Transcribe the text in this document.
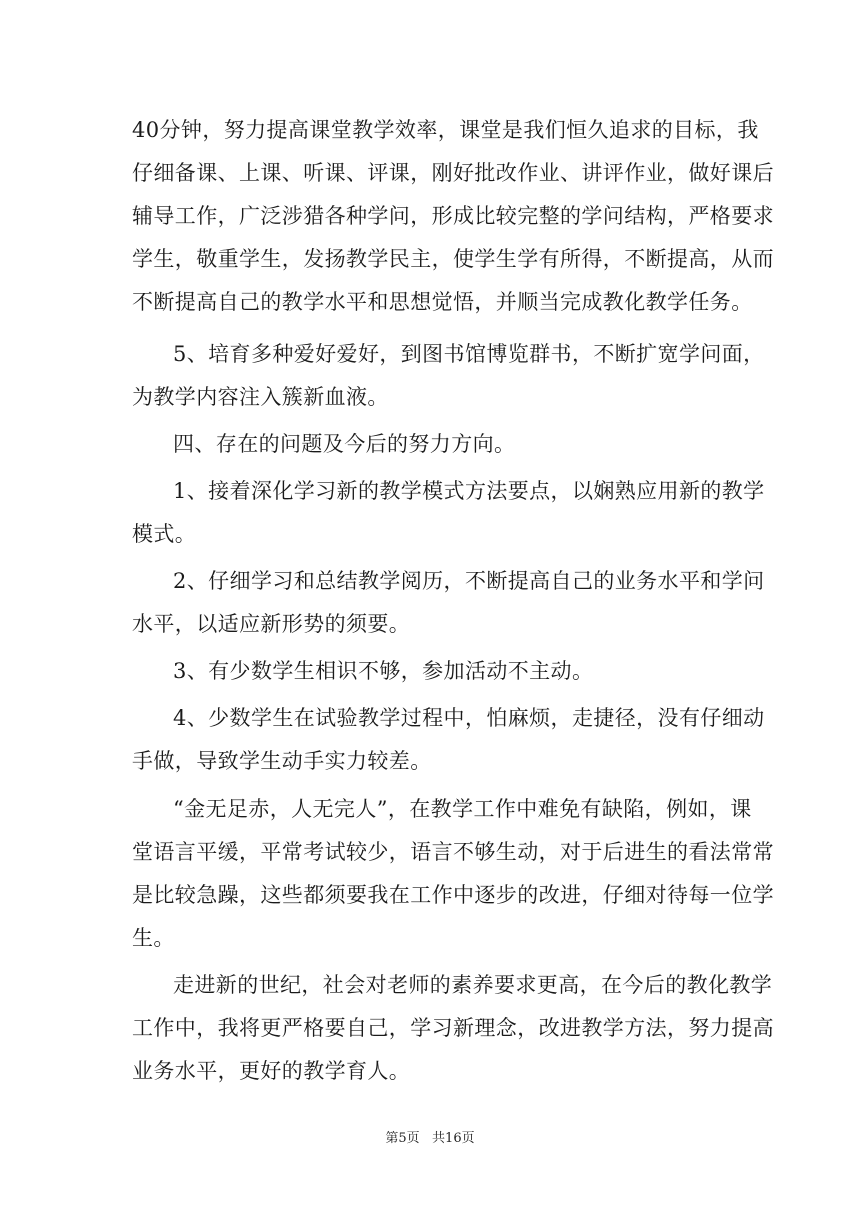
40分钟，努力提高课堂教学效率，课堂是我们恒久追求的目标，我
仔细备课、上课、听课、评课，刚好批改作业、讲评作业，做好课后
辅导工作，广泛涉猎各种学问，形成比较完整的学问结构，严格要求
学生，敬重学生，发扬教学民主，使学生学有所得，不断提高，从而
不断提高自己的教学水平和思想觉悟，并顺当完成教化教学任务。
5、培育多种爱好爱好，到图书馆博览群书，不断扩宽学问面，
为教学内容注入簇新血液。
四、存在的问题及今后的努力方向。
1、接着深化学习新的教学模式方法要点，以娴熟应用新的教学
模式。
2、仔细学习和总结教学阅历，不断提高自己的业务水平和学问
水平，以适应新形势的须要。
3、有少数学生相识不够，参加活动不主动。
4、少数学生在试验教学过程中，怕麻烦，走捷径，没有仔细动
手做，导致学生动手实力较差。
“金无足赤，人无完人”，在教学工作中难免有缺陷，例如，课
堂语言平缓，平常考试较少，语言不够生动，对于后进生的看法常常
是比较急躁，这些都须要我在工作中逐步的改进，仔细对待每一位学
生。
走进新的世纪，社会对老师的素养要求更高，在今后的教化教学
工作中，我将更严格要自己，学习新理念，改进教学方法，努力提高
业务水平，更好的教学育人。
第5页   共16页
